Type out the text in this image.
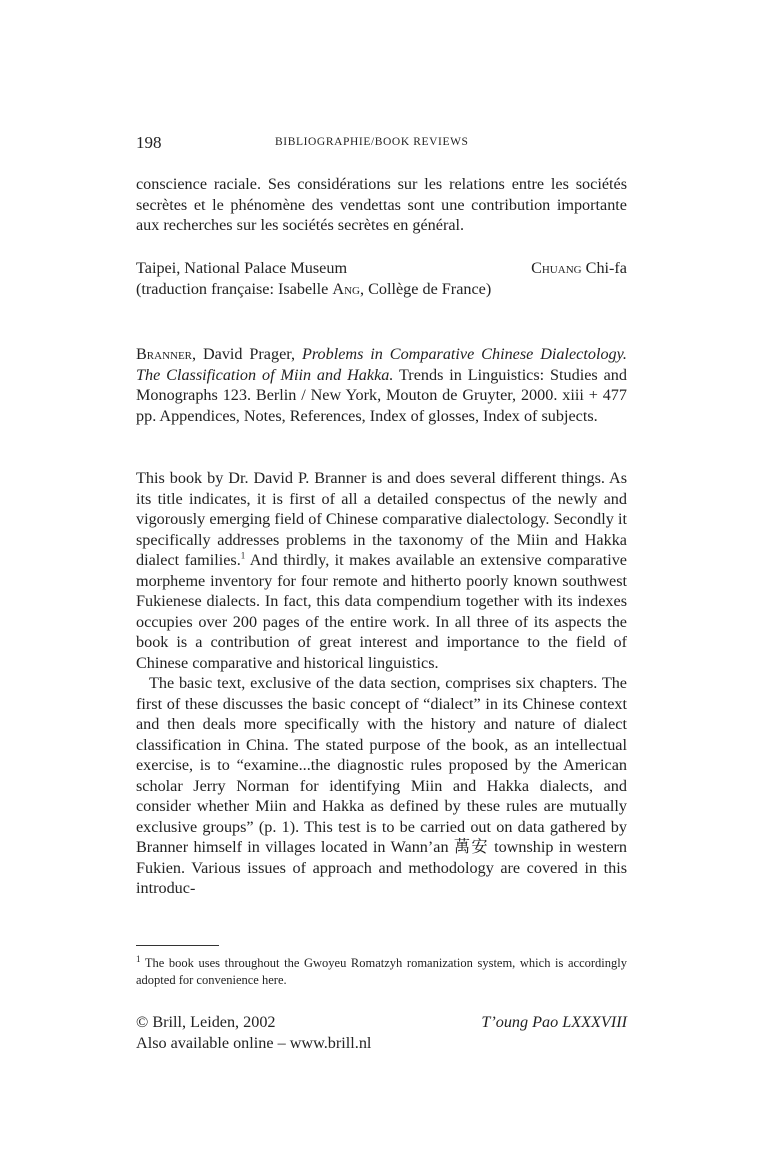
198	BIBLIOGRAPHIE/BOOK REVIEWS

conscience raciale. Ses considérations sur les relations entre les sociétés secrètes et le phénomène des vendettas sont une contribution importante aux recherches sur les sociétés secrètes en général.

Taipei, National Palace Museum	Chuang Chi-fa
(traduction française: Isabelle Ang, Collège de France)

Branner, David Prager, Problems in Comparative Chinese Dialectology. The Classification of Miin and Hakka. Trends in Linguistics: Studies and Monographs 123. Berlin / New York, Mouton de Gruyter, 2000. xiii + 477 pp. Appendices, Notes, References, Index of glosses, Index of subjects.

This book by Dr. David P. Branner is and does several different things. As its title indicates, it is first of all a detailed conspectus of the newly and vigorously emerging field of Chinese comparative dialectology. Secondly it specifically addresses problems in the taxonomy of the Miin and Hakka dialect families.$^1$ And thirdly, it makes available an extensive comparative morpheme inventory for four remote and hitherto poorly known southwest Fukienese dialects. In fact, this data compendium together with its indexes occupies over 200 pages of the entire work. In all three of its aspects the book is a contribution of great interest and importance to the field of Chinese comparative and historical linguistics.

The basic text, exclusive of the data section, comprises six chapters. The first of these discusses the basic concept of “dialect” in its Chinese context and then deals more specifically with the history and nature of dialect classification in China. The stated purpose of the book, as an intellectual exercise, is to “examine...the diagnostic rules proposed by the American scholar Jerry Norman for identifying Miin and Hakka dialects, and consider whether Miin and Hakka as defined by these rules are mutually exclusive groups” (p. 1). This test is to be carried out on data gathered by Branner himself in villages located in Wann’an 萬安 township in western Fukien. Various issues of approach and methodology are covered in this introduc-

$^1$ The book uses throughout the Gwoyeu Romatzyh romanization system, which is accordingly adopted for convenience here.
© Brill, Leiden, 2002	T’oung Pao LXXXVIII
Also available online – www.brill.nl
